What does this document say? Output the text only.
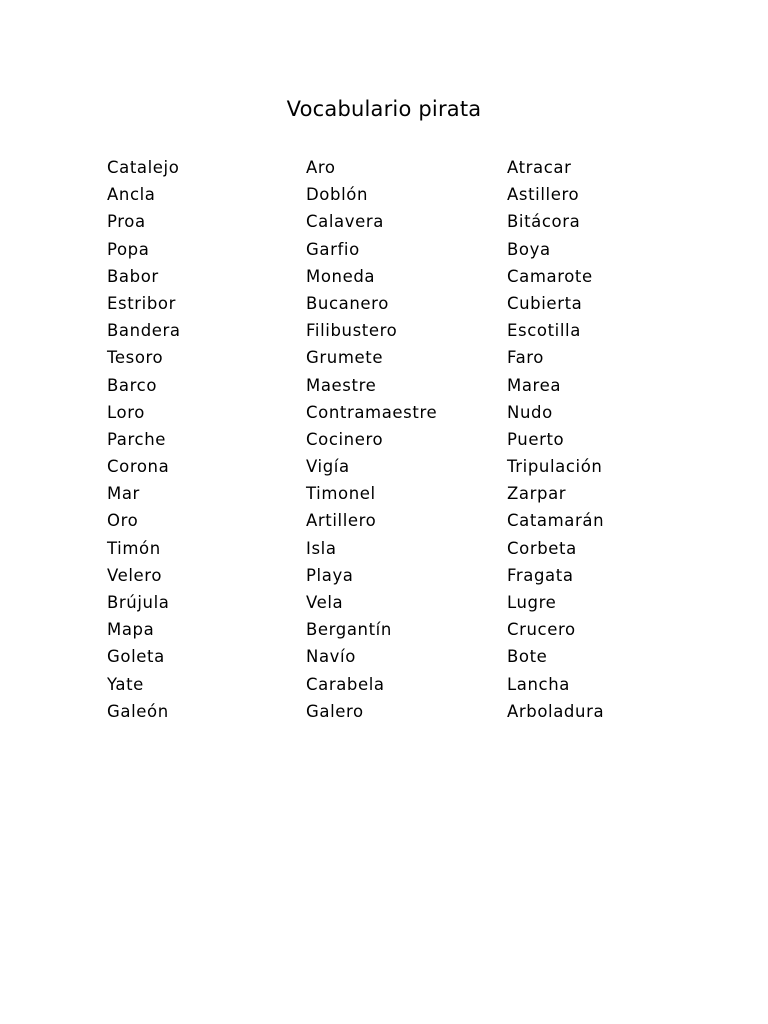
Vocabulario pirata
Catalejo
Ancla
Proa
Popa
Babor
Estribor
Bandera
Tesoro
Barco
Loro
Parche
Corona
Mar
Oro
Timón
Velero
Brújula
Mapa
Goleta
Yate
Galeón
Aro
Doblón
Calavera
Garfio
Moneda
Bucanero
Filibustero
Grumete
Maestre
Contramaestre
Cocinero
Vigía
Timonel
Artillero
Isla
Playa
Vela
Bergantín
Navío
Carabela
Galero
Atracar
Astillero
Bitácora
Boya
Camarote
Cubierta
Escotilla
Faro
Marea
Nudo
Puerto
Tripulación
Zarpar
Catamarán
Corbeta
Fragata
Lugre
Crucero
Bote
Lancha
Arboladura
